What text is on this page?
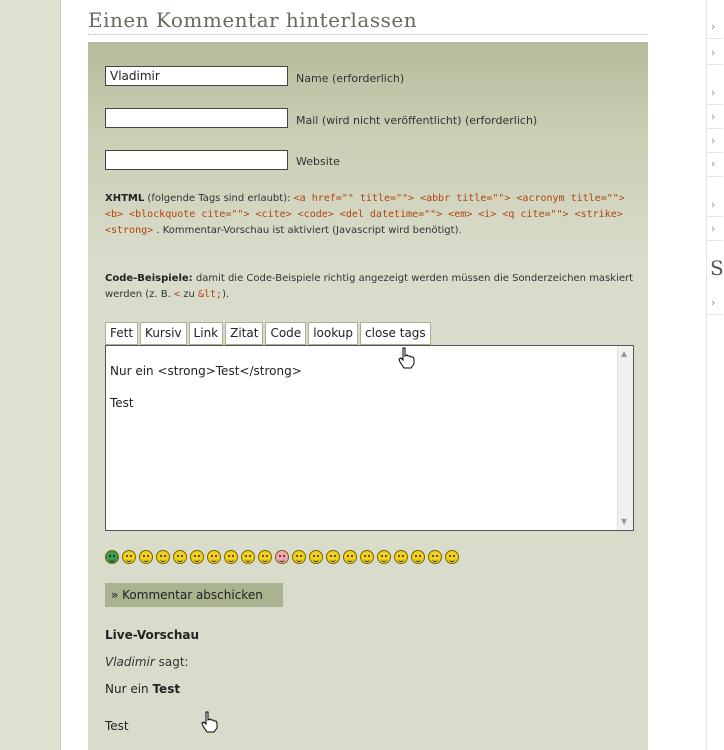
›
›
›
›
›
›
›
›
S
›
Einen Kommentar hinterlassen
Vladimir
Name (erforderlich)
Mail (wird nicht veröffentlicht) (erforderlich)
Website
XHTML (folgende Tags sind erlaubt): <a href="" title=""> <abbr title=""> <acronym title=""> <b> <blockquote cite=""> <cite> <code> <del datetime=""> <em> <i> <q cite=""> <strike> <strong> . Kommentar-Vorschau ist aktiviert (Javascript wird benötigt).
Code-Beispiele: damit die Code-Beispiele richtig angezeigt werden müssen die Sonderzeichen maskiert werden (z. B. < zu &lt;).
Fett	Kursiv	Link	Zitat	Code	lookup	close tags
Nur ein <strong>Test</strong>
Test
▲
▼
» Kommentar abschicken
Live-Vorschau
Vladimir sagt:
Nur ein Test
Test
